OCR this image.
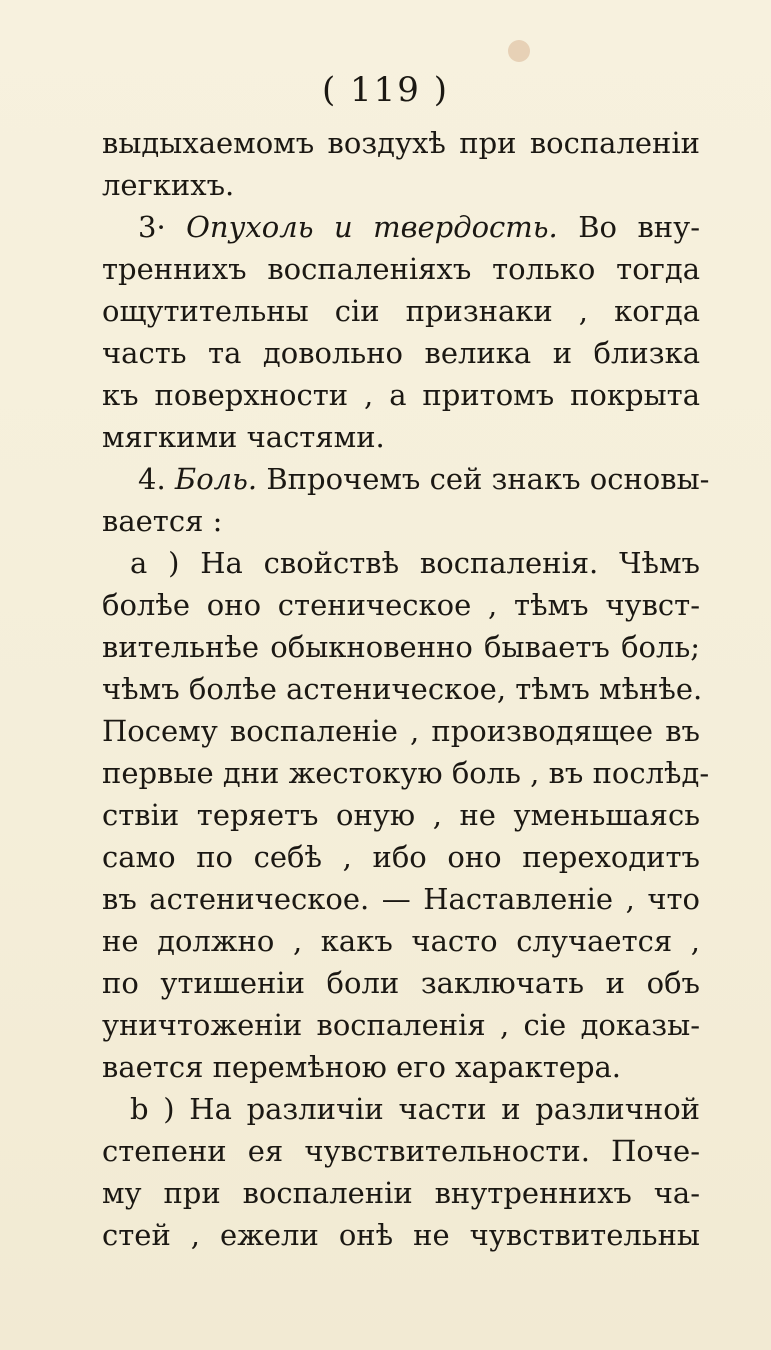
( 119 )
выдыхаемомъ воздухѣ при воспаленіи
легкихъ.
3· Опухоль и твердость. Во вну-
треннихъ воспаленіяхъ только тогда
ощутительны сіи признаки , когда
часть та довольно велика и близка
къ поверхности , а притомъ покрыта
мягкими частями.
4. Боль. Впрочемъ сей знакъ основы-
вается :
а ) На свойствѣ воспаленія. Чѣмъ
болѣе оно стеническое , тѣмъ чувст-
вительнѣе обыкновенно бываетъ боль;
чѣмъ болѣе астеническое, тѣмъ мѣнѣе.
Посему воспаленіе , производящее въ
первые дни жестокую боль , въ послѣд-
ствіи теряетъ оную , не уменьшаясь
само по себѣ , ибо оно переходитъ
въ астеническое. — Наставленіе , что
не должно , какъ часто случается ,
по утишеніи боли заключать и объ
уничтоженіи воспаленія , сіе доказы-
вается перемѣною его характера.
b ) На различіи части и различной
степени ея чувствительности. Поче-
му при воспаленіи внутреннихъ ча-
стей , ежели онѣ не чувствительны
